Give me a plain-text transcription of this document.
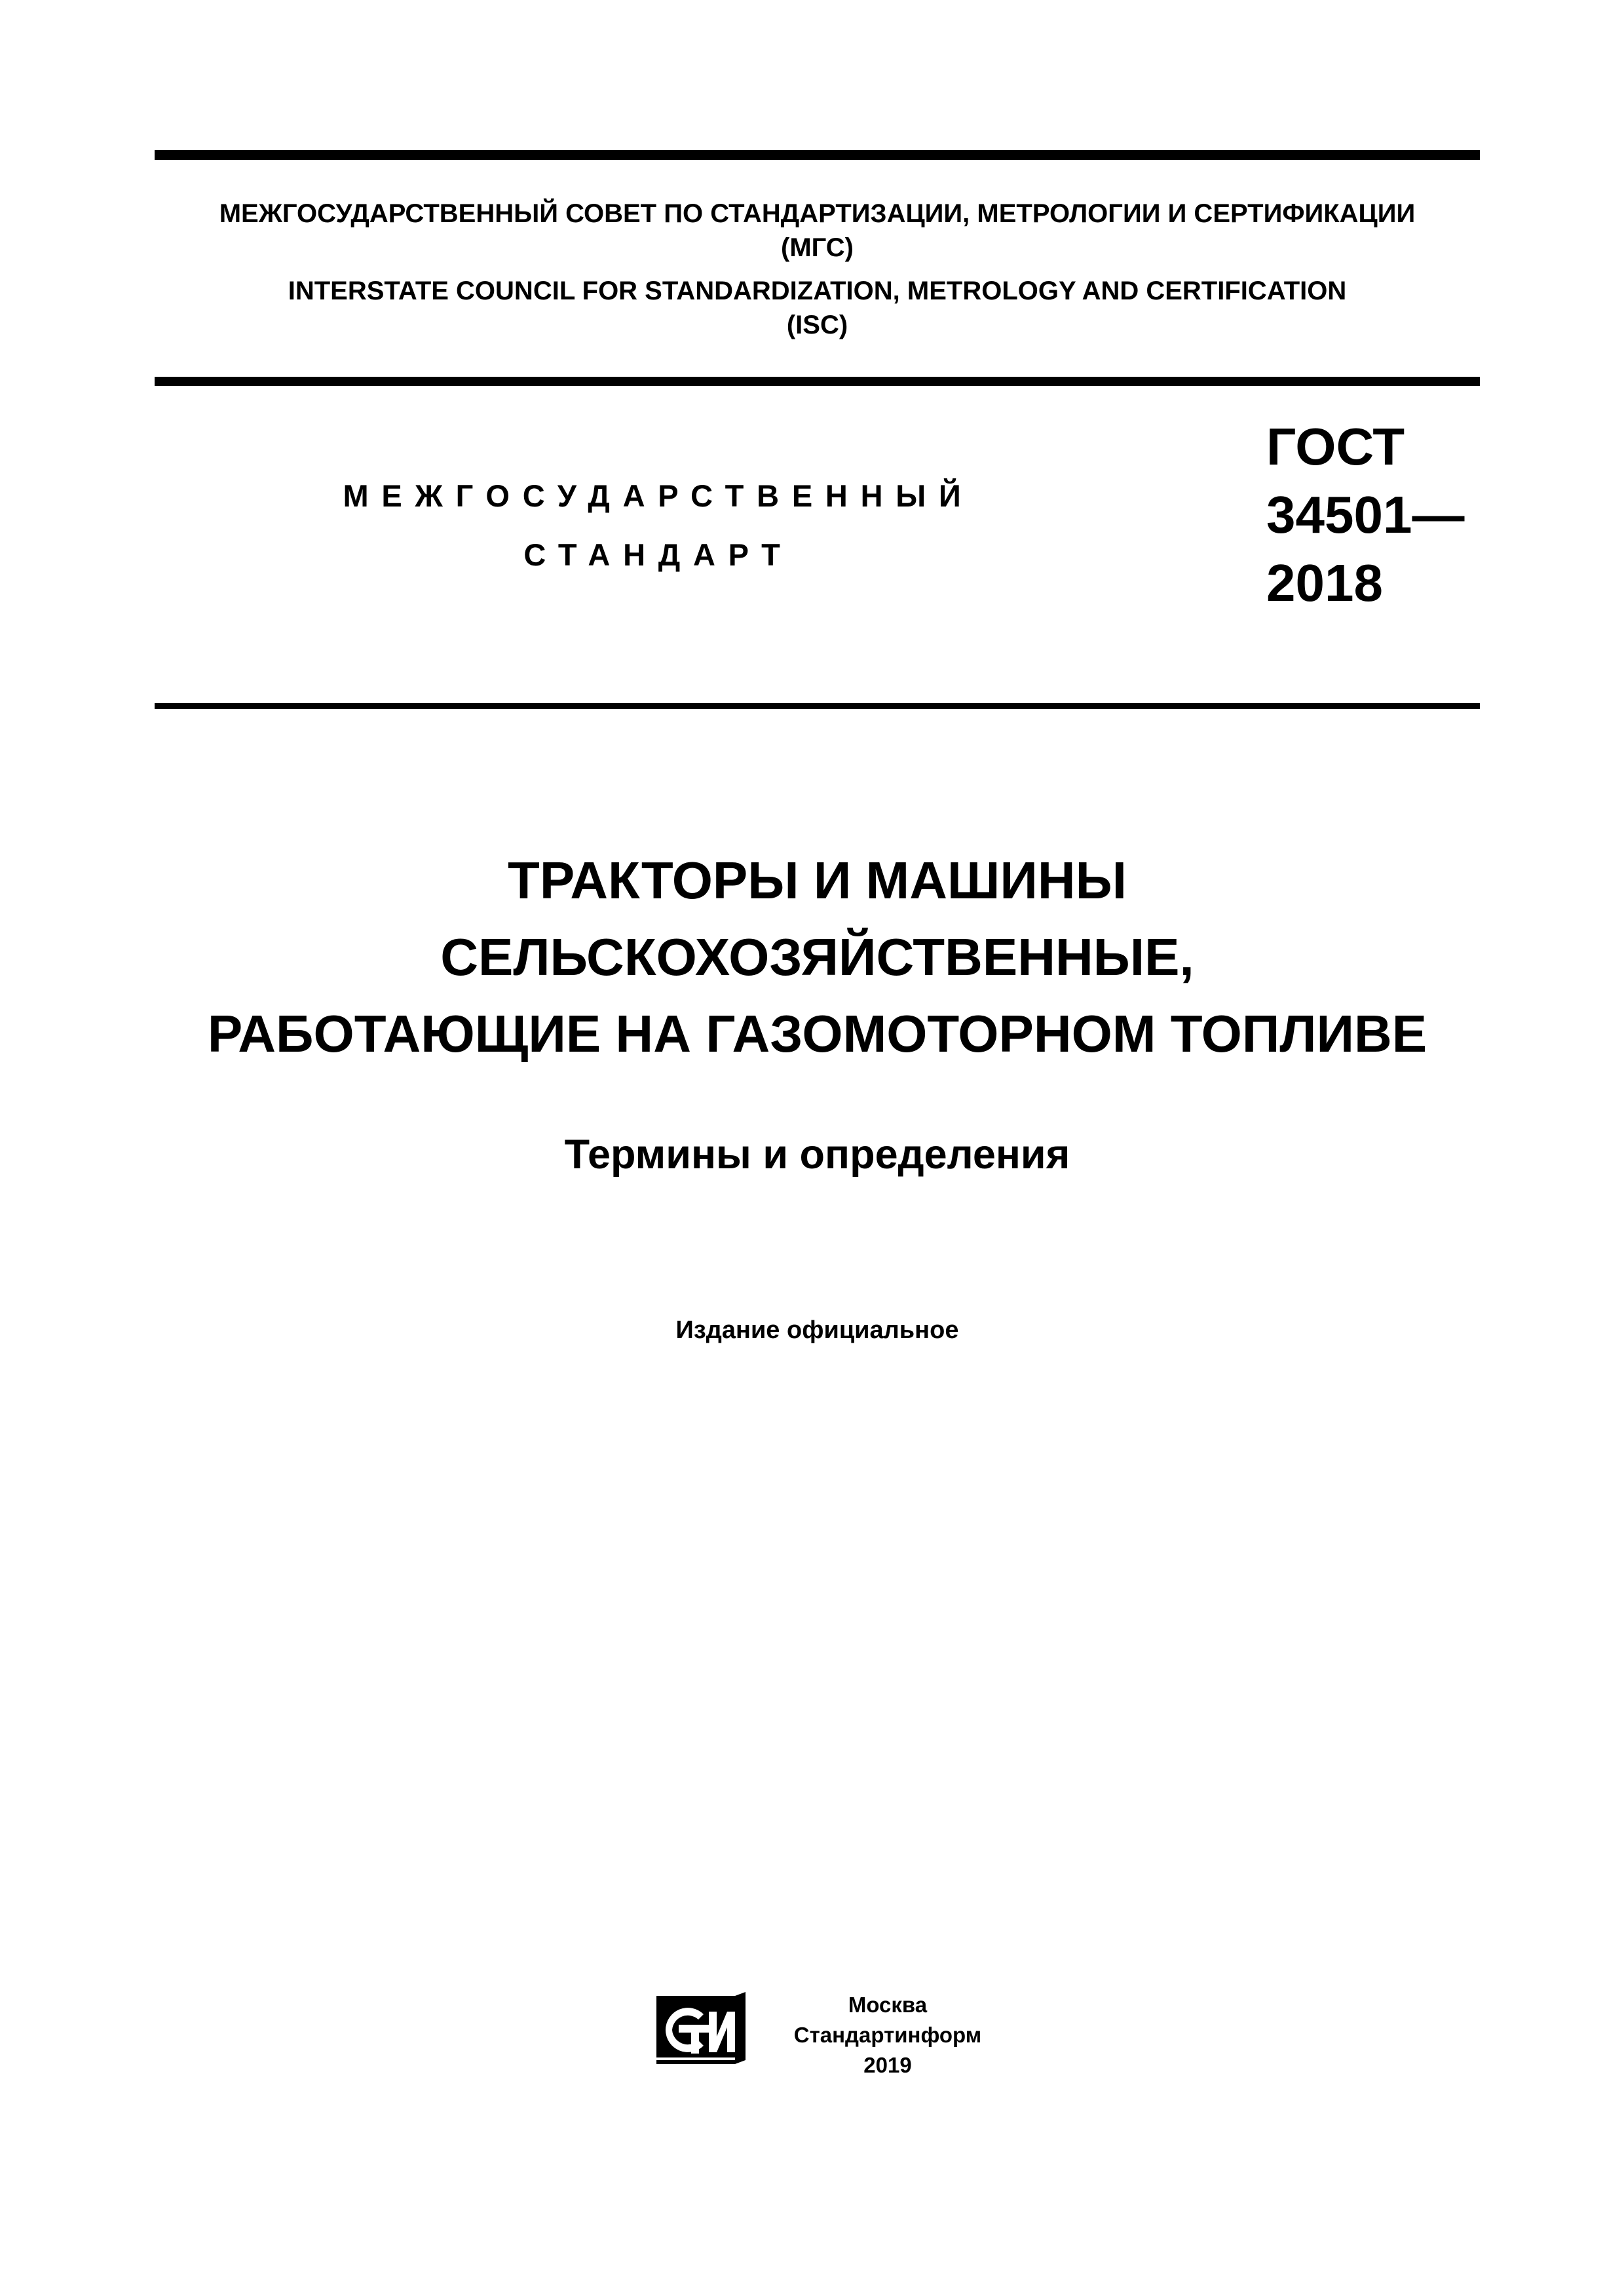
МЕЖГОСУДАРСТВЕННЫЙ СОВЕТ ПО СТАНДАРТИЗАЦИИ, МЕТРОЛОГИИ И СЕРТИФИКАЦИИ
(МГС)
INTERSTATE COUNCIL FOR STANDARDIZATION, METROLOGY AND CERTIFICATION
(ISC)
МЕЖГОСУДАРСТВЕННЫЙ
СТАНДАРТ
ГОСТ
34501—
2018
ТРАКТОРЫ И МАШИНЫ
СЕЛЬСКОХОЗЯЙСТВЕННЫЕ,
РАБОТАЮЩИЕ НА ГАЗОМОТОРНОМ ТОПЛИВЕ
Термины и определения
Издание официальное
Москва
Стандартинформ
2019
